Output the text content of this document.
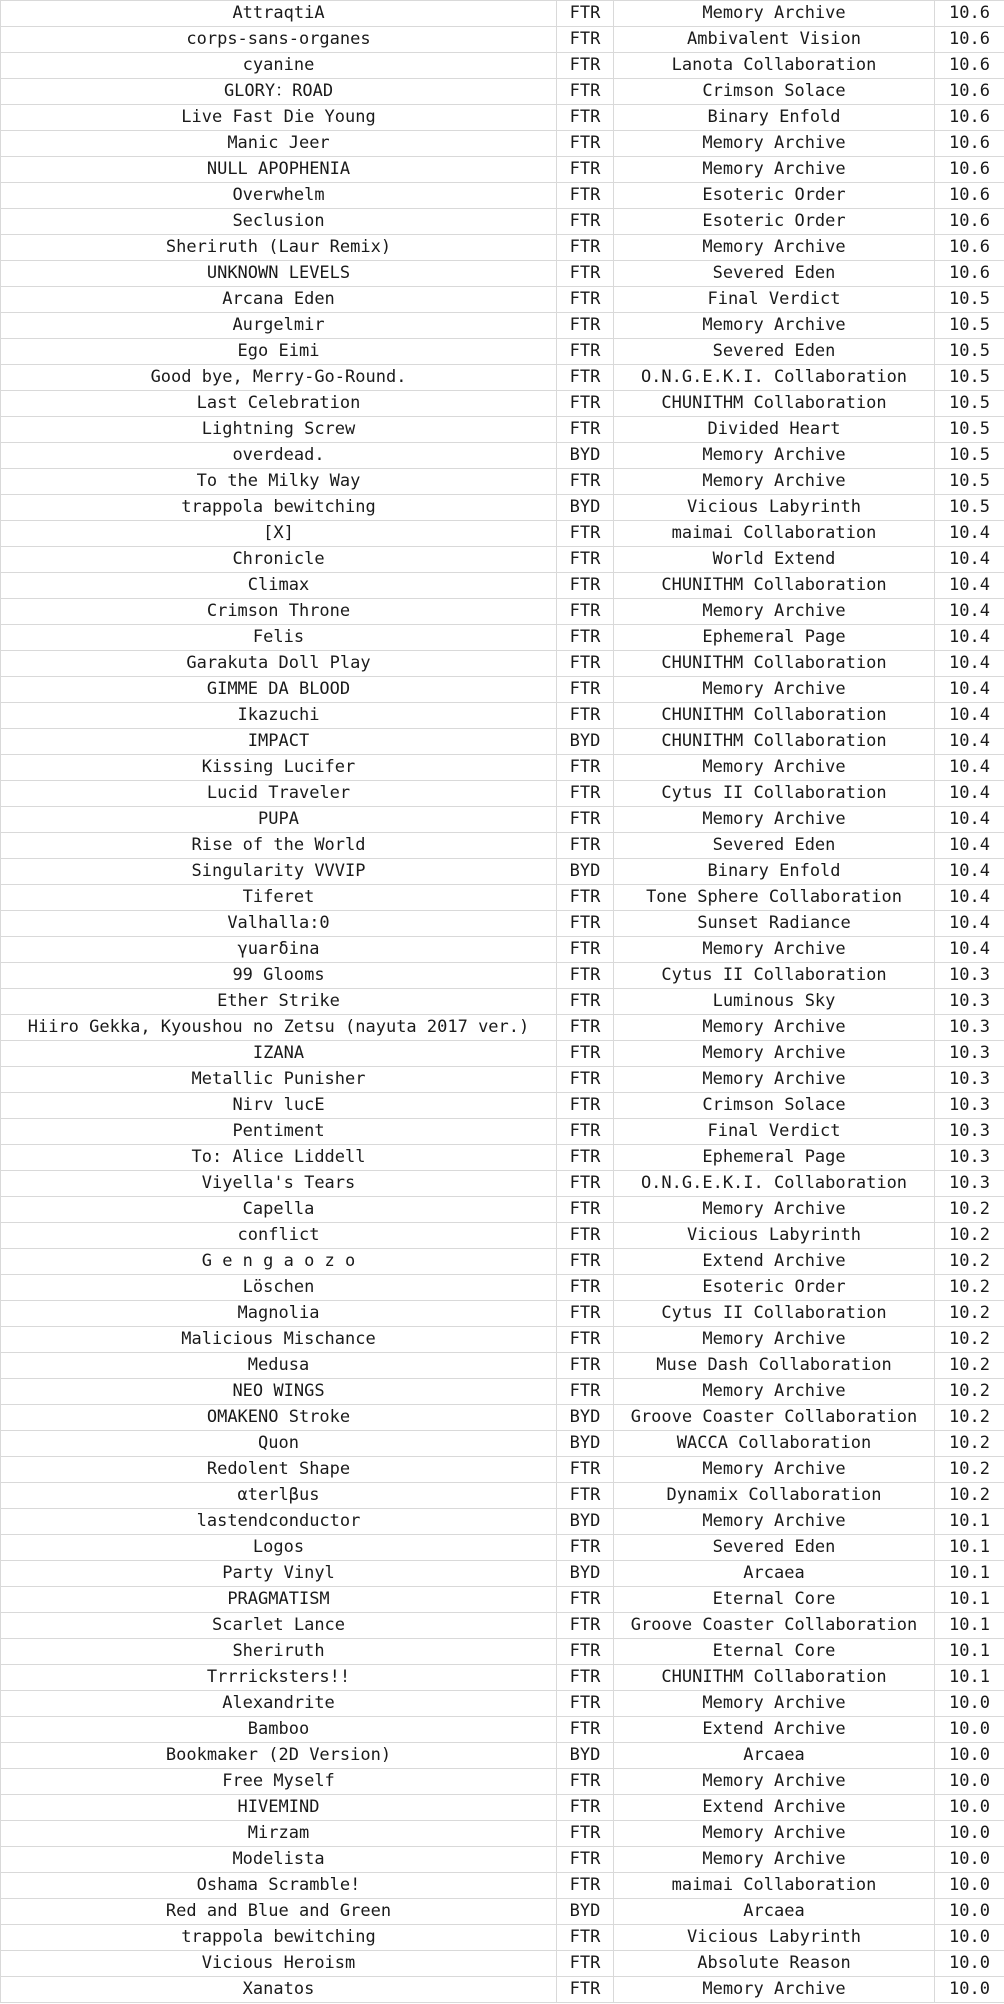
AttraqtiA	FTR	Memory Archive	10.6
corps-sans-organes	FTR	Ambivalent Vision	10.6
cyanine	FTR	Lanota Collaboration	10.6
GLORY：ROAD	FTR	Crimson Solace	10.6
Live Fast Die Young	FTR	Binary Enfold	10.6
Manic Jeer	FTR	Memory Archive	10.6
NULL APOPHENIA	FTR	Memory Archive	10.6
Overwhelm	FTR	Esoteric Order	10.6
Seclusion	FTR	Esoteric Order	10.6
Sheriruth (Laur Remix)	FTR	Memory Archive	10.6
UNKNOWN LEVELS	FTR	Severed Eden	10.6
Arcana Eden	FTR	Final Verdict	10.5
Aurgelmir	FTR	Memory Archive	10.5
Ego Eimi	FTR	Severed Eden	10.5
Good bye, Merry-Go-Round.	FTR	O.N.G.E.K.I. Collaboration	10.5
Last Celebration	FTR	CHUNITHM Collaboration	10.5
Lightning Screw	FTR	Divided Heart	10.5
overdead.	BYD	Memory Archive	10.5
To the Milky Way	FTR	Memory Archive	10.5
trappola bewitching	BYD	Vicious Labyrinth	10.5
[X]	FTR	maimai Collaboration	10.4
Chronicle	FTR	World Extend	10.4
Climax	FTR	CHUNITHM Collaboration	10.4
Crimson Throne	FTR	Memory Archive	10.4
Felis	FTR	Ephemeral Page	10.4
Garakuta Doll Play	FTR	CHUNITHM Collaboration	10.4
GIMME DA BLOOD	FTR	Memory Archive	10.4
Ikazuchi	FTR	CHUNITHM Collaboration	10.4
IMPACT	BYD	CHUNITHM Collaboration	10.4
Kissing Lucifer	FTR	Memory Archive	10.4
Lucid Traveler	FTR	Cytus II Collaboration	10.4
PUPA	FTR	Memory Archive	10.4
Rise of the World	FTR	Severed Eden	10.4
Singularity VVVIP	BYD	Binary Enfold	10.4
Tiferet	FTR	Tone Sphere Collaboration	10.4
Valhalla:0	FTR	Sunset Radiance	10.4
γuarδina	FTR	Memory Archive	10.4
99 Glooms	FTR	Cytus II Collaboration	10.3
Ether Strike	FTR	Luminous Sky	10.3
Hiiro Gekka, Kyoushou no Zetsu (nayuta 2017 ver.)	FTR	Memory Archive	10.3
IZANA	FTR	Memory Archive	10.3
Metallic Punisher	FTR	Memory Archive	10.3
Nirv lucE	FTR	Crimson Solace	10.3
Pentiment	FTR	Final Verdict	10.3
To: Alice Liddell	FTR	Ephemeral Page	10.3
Viyella's Tears	FTR	O.N.G.E.K.I. Collaboration	10.3
Capella	FTR	Memory Archive	10.2
conflict	FTR	Vicious Labyrinth	10.2
G e n g a o z o	FTR	Extend Archive	10.2
Löschen	FTR	Esoteric Order	10.2
Magnolia	FTR	Cytus II Collaboration	10.2
Malicious Mischance	FTR	Memory Archive	10.2
Medusa	FTR	Muse Dash Collaboration	10.2
NEO WINGS	FTR	Memory Archive	10.2
OMAKENO Stroke	BYD	Groove Coaster Collaboration	10.2
Quon	BYD	WACCA Collaboration	10.2
Redolent Shape	FTR	Memory Archive	10.2
αterlβus	FTR	Dynamix Collaboration	10.2
lastendconductor	BYD	Memory Archive	10.1
Logos	FTR	Severed Eden	10.1
Party Vinyl	BYD	Arcaea	10.1
PRAGMATISM	FTR	Eternal Core	10.1
Scarlet Lance	FTR	Groove Coaster Collaboration	10.1
Sheriruth	FTR	Eternal Core	10.1
Trrricksters!!	FTR	CHUNITHM Collaboration	10.1
Alexandrite	FTR	Memory Archive	10.0
Bamboo	FTR	Extend Archive	10.0
Bookmaker (2D Version)	BYD	Arcaea	10.0
Free Myself	FTR	Memory Archive	10.0
HIVEMIND	FTR	Extend Archive	10.0
Mirzam	FTR	Memory Archive	10.0
Modelista	FTR	Memory Archive	10.0
Oshama Scramble!	FTR	maimai Collaboration	10.0
Red and Blue and Green	BYD	Arcaea	10.0
trappola bewitching	FTR	Vicious Labyrinth	10.0
Vicious Heroism	FTR	Absolute Reason	10.0
Xanatos	FTR	Memory Archive	10.0
